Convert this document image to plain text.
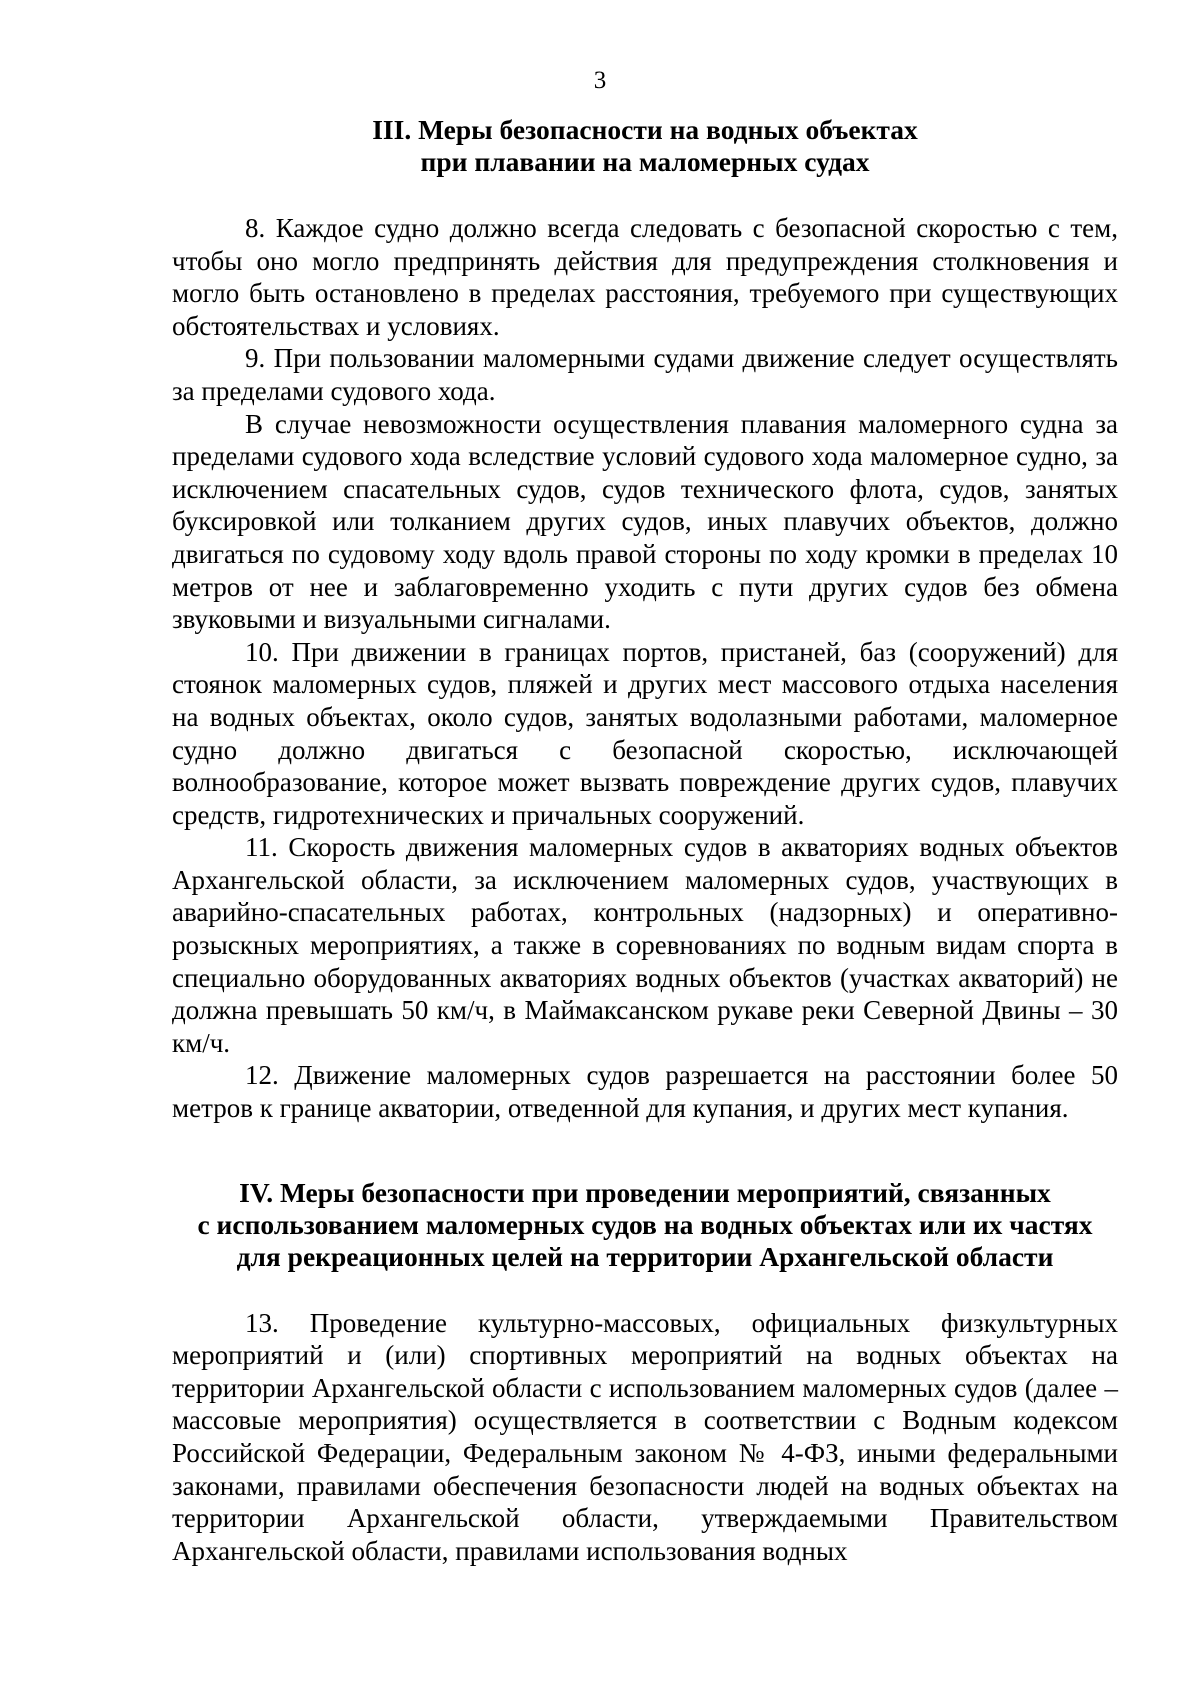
3
III. Меры безопасности на водных объектах
при плавании на маломерных судах

8. Каждое судно должно всегда следовать с безопасной скоростью с тем, чтобы оно могло предпринять действия для предупреждения столкновения и могло быть остановлено в пределах расстояния, требуемого при существующих обстоятельствах и условиях.

9. При пользовании маломерными судами движение следует осуществлять за пределами судового хода.

В случае невозможности осуществления плавания маломерного судна за пределами судового хода вследствие условий судового хода маломерное судно, за исключением спасательных судов, судов технического флота, судов, занятых буксировкой или толканием других судов, иных плавучих объектов, должно двигаться по судовому ходу вдоль правой стороны по ходу кромки в пределах 10 метров от нее и заблаговременно уходить с пути других судов без обмена звуковыми и визуальными сигналами.

10. При движении в границах портов, пристаней, баз (сооружений) для стоянок маломерных судов, пляжей и других мест массового отдыха населения на водных объектах, около судов, занятых водолазными работами, маломерное судно должно двигаться с безопасной скоростью, исключающей волнообразование, которое может вызвать повреждение других судов, плавучих средств, гидротехнических и причальных сооружений.

11. Скорость движения маломерных судов в акваториях водных объектов Архангельской области, за исключением маломерных судов, участвующих в аварийно-спасательных работах, контрольных (надзорных) и оперативно-розыскных мероприятиях, а также в соревнованиях по водным видам спорта в специально оборудованных акваториях водных объектов (участках акваторий) не должна превышать 50 км/ч, в Маймаксанском рукаве реки Северной Двины – 30 км/ч.

12. Движение маломерных судов разрешается на расстоянии более 50 метров к границе акватории, отведенной для купания, и других мест купания.

IV. Меры безопасности при проведении мероприятий, связанных
с использованием маломерных судов на водных объектах или их частях
для рекреационных целей на территории Архангельской области

13. Проведение культурно-массовых, официальных физкультурных мероприятий и (или) спортивных мероприятий на водных объектах на территории Архангельской области с использованием маломерных судов (далее – массовые мероприятия) осуществляется в соответствии с Водным кодексом Российской Федерации, Федеральным законом № 4-ФЗ, иными федеральными законами, правилами обеспечения безопасности людей на водных объектах на территории Архангельской области, утверждаемыми Правительством Архангельской области, правилами использования водных
